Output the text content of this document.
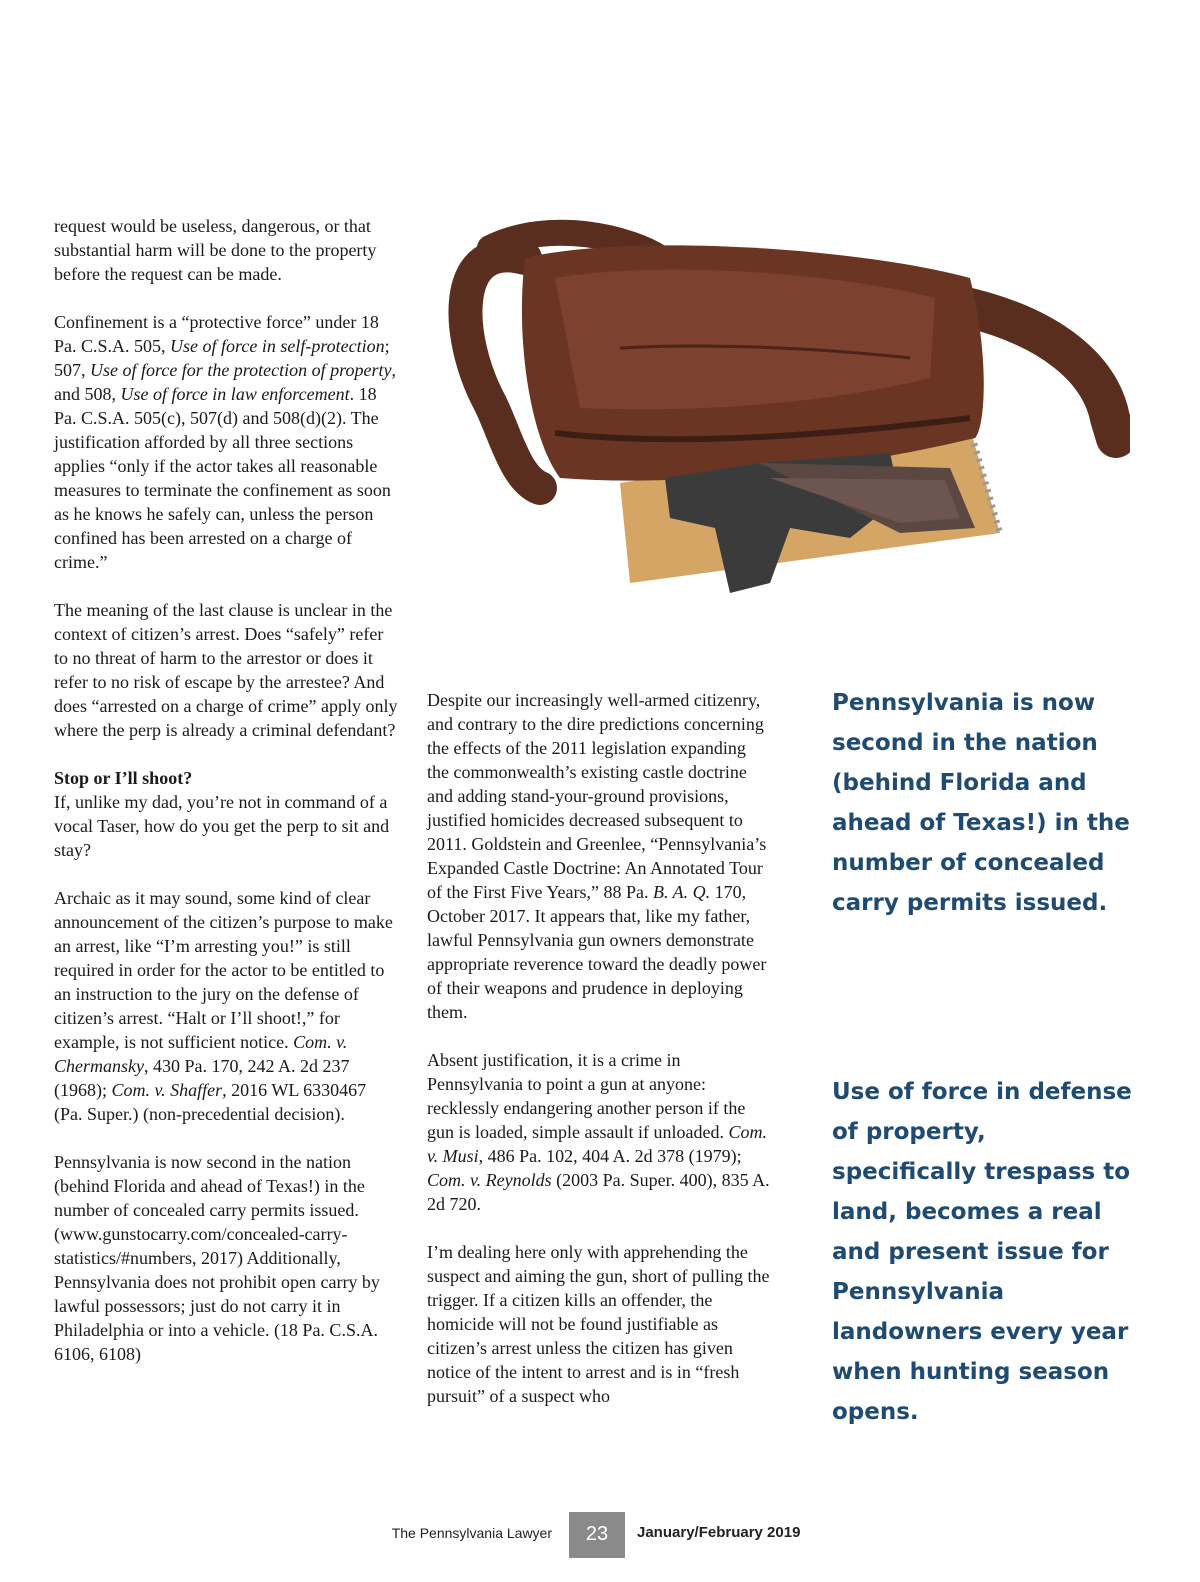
request would be useless, dangerous, or that substantial harm will be done to the property before the request can be made.

Confinement is a “protective force” under 18 Pa. C.S.A. 505, Use of force in self-protection; 507, Use of force for the protection of property, and 508, Use of force in law enforcement. 18 Pa. C.S.A. 505(c), 507(d) and 508(d)(2). The justification afforded by all three sections applies “only if the actor takes all reasonable measures to terminate the confinement as soon as he knows he safely can, unless the person confined has been arrested on a charge of crime.”

The meaning of the last clause is unclear in the context of citizen’s arrest. Does “safely” refer to no threat of harm to the arrestor or does it refer to no risk of escape by the arrestee? And does “arrested on a charge of crime” apply only where the perp is already a criminal defendant?

Stop or I’ll shoot?
If, unlike my dad, you’re not in command of a vocal Taser, how do you get the perp to sit and stay?

Archaic as it may sound, some kind of clear announcement of the citizen’s purpose to make an arrest, like “I’m arresting you!” is still required in order for the actor to be entitled to an instruction to the jury on the defense of citizen’s arrest. “Halt or I’ll shoot!,” for example, is not sufficient notice. Com. v. Chermansky, 430 Pa. 170, 242 A. 2d 237 (1968); Com. v. Shaffer, 2016 WL 6330467 (Pa. Super.) (non-precedential decision).

Pennsylvania is now second in the nation (behind Florida and ahead of Texas!) in the number of concealed carry permits issued. (www.gunstocarry.com/concealed-carry-statistics/#numbers, 2017) Additionally, Pennsylvania does not prohibit open carry by lawful possessors; just do not carry it in Philadelphia or into a vehicle. (18 Pa. C.S.A. 6106, 6108)

Despite our increasingly well-armed citizenry, and contrary to the dire predictions concerning the effects of the 2011 legislation expanding the commonwealth’s existing castle doctrine and adding stand-your-ground provisions, justified homicides decreased subsequent to 2011. Goldstein and Greenlee, “Pennsylvania’s Expanded Castle Doctrine: An Annotated Tour of the First Five Years,” 88 Pa. B. A. Q. 170, October 2017. It appears that, like my father, lawful Pennsylvania gun owners demonstrate appropriate reverence toward the deadly power of their weapons and prudence in deploying them.

Absent justification, it is a crime in Pennsylvania to point a gun at anyone: recklessly endangering another person if the gun is loaded, simple assault if unloaded. Com. v. Musi, 486 Pa. 102, 404 A. 2d 378 (1979); Com. v. Reynolds (2003 Pa. Super. 400), 835 A. 2d 720.

I’m dealing here only with apprehending the suspect and aiming the gun, short of pulling the trigger. If a citizen kills an offender, the homicide will not be found justifiable as citizen’s arrest unless the citizen has given notice of the intent to arrest and is in “fresh pursuit” of a suspect who

Pennsylvania is now second in the nation (behind Florida and ahead of Texas!) in the number of concealed carry permits issued.
Use of force in defense of property, specifically trespass to land, becomes a real and present issue for Pennsylvania landowners every year when hunting season opens.
The Pennsylvania Lawyer	23	January/February 2019
